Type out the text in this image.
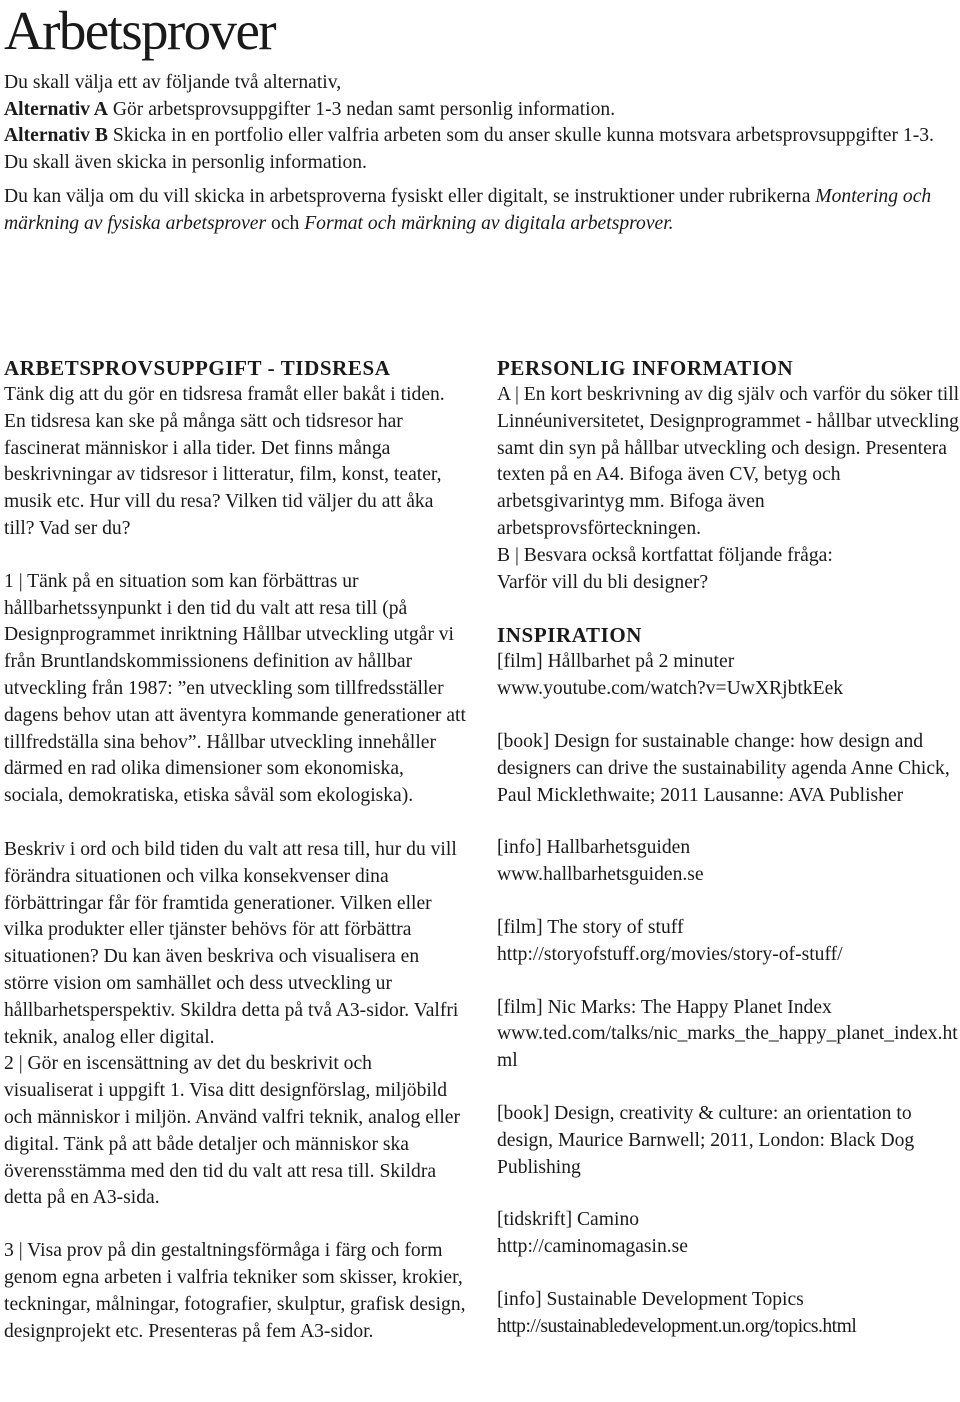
Arbetsprover

Du skall välja ett av följande två alternativ,
Alternativ A Gör arbetsprovsuppgifter 1-3 nedan samt personlig information.
Alternativ B Skicka in en portfolio eller valfria arbeten som du anser skulle kunna motsvara arbetsprovsuppgifter 1-3. Du skall även skicka in personlig information.

Du kan välja om du vill skicka in arbetsproverna fysiskt eller digitalt, se instruktioner under rubrikerna Montering och märkning av fysiska arbetsprover och Format och märkning av digitala arbetsprover.

ARBETSPROVSUPPGIFT - TIDSRESA

Tänk dig att du gör en tidsresa framåt eller bakåt i tiden. En tidsresa kan ske på många sätt och tidsresor har fascinerat människor i alla tider. Det finns många beskrivningar av tidsresor i litteratur, film, konst, teater, musik etc. Hur vill du resa? Vilken tid väljer du att åka till? Vad ser du?

1 | Tänk på en situation som kan förbättras ur hållbarhetssynpunkt i den tid du valt att resa till (på Designprogrammet inriktning Hållbar utveckling utgår vi från Bruntlandskommissionens definition av hållbar utveckling från 1987: ”en utveckling som tillfredsställer dagens behov utan att äventyra kommande generationer att tillfredställa sina behov”. Hållbar utveckling innehåller därmed en rad olika dimensioner som ekonomiska, sociala, demokratiska, etiska såväl som ekologiska).

Beskriv i ord och bild tiden du valt att resa till, hur du vill förändra situationen och vilka konsekvenser dina förbättringar får för framtida generationer. Vilken eller vilka produkter eller tjänster behövs för att förbättra situationen? Du kan även beskriva och visualisera en större vision om samhället och dess utveckling ur hållbarhetsperspektiv. Skildra detta på två A3-sidor. Valfri teknik, analog eller digital.

2 | Gör en iscensättning av det du beskrivit och visualiserat i uppgift 1. Visa ditt designförslag, miljöbild och människor i miljön. Använd valfri teknik, analog eller digital. Tänk på att både detaljer och människor ska överensstämma med den tid du valt att resa till. Skildra detta på en A3-sida.

3 | Visa prov på din gestaltningsförmåga i färg och form genom egna arbeten i valfria tekniker som skisser, krokier, teckningar, målningar, fotografier, skulptur, grafisk design, designprojekt etc. Presenteras på fem A3-sidor.

PERSONLIG INFORMATION

A | En kort beskrivning av dig själv och varför du söker till Linnéuniversitetet, Designprogrammet - hållbar utveckling samt din syn på hållbar utveckling och design. Presentera texten på en A4. Bifoga även CV, betyg och arbetsgivarintyg mm. Bifoga även arbetsprovsförteckningen.

B | Besvara också kortfattat följande fråga:

Varför vill du bli designer?

INSPIRATION

[film] Hållbarhet på 2 minuter

www.youtube.com/watch?v=UwXRjbtkEek

[book] Design for sustainable change: how design and designers can drive the sustainability agenda Anne Chick, Paul Micklethwaite; 2011 Lausanne: AVA Publisher

[info] Hallbarhetsguiden

www.hallbarhetsguiden.se

[film] The story of stuff

http://storyofstuff.org/movies/story-of-stuff/

[film] Nic Marks: The Happy Planet Index

www.ted.com/talks/nic_marks_the_happy_planet_index.html

[book] Design, creativity & culture: an orientation to design, Maurice Barnwell; 2011, London: Black Dog Publishing

[tidskrift] Camino

http://caminomagasin.se

[info] Sustainable Development Topics

http://sustainabledevelopment.un.org/topics.html
